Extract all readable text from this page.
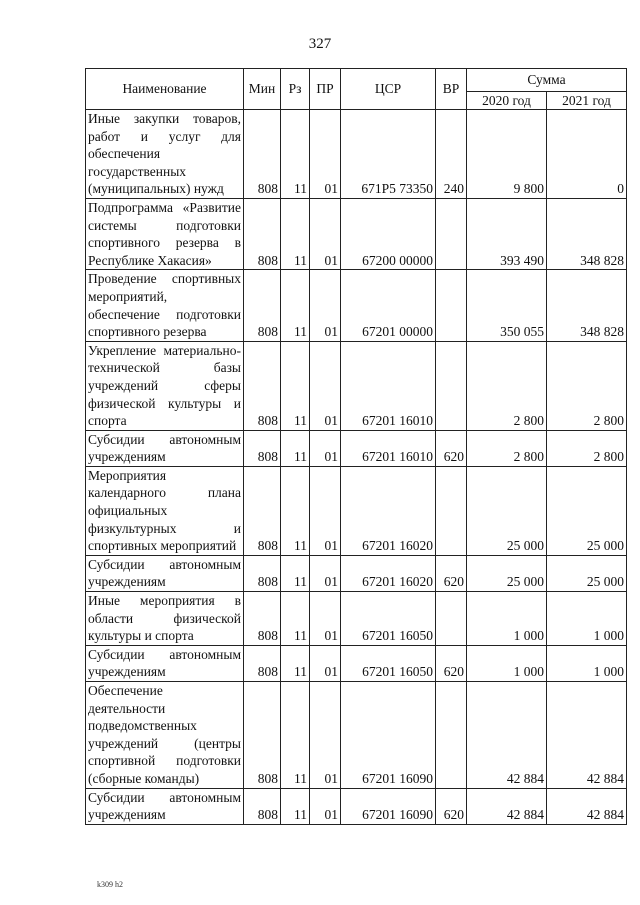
327
Наименование	Мин	Рз	ПР	ЦСР	ВР	Сумма	
						2020 год	2021 год
Иные закупки товаров, работ и услуг для обеспечения государственных (муниципальных) нужд	808	11	01	671P5 73350	240	9 800	0
Подпрограмма «Развитие системы подготовки спортивного резерва в Республике Хакасия»	808	11	01	67200 00000		393 490	348 828
Проведение спортивных мероприятий, обеспечение подготовки спортивного резерва	808	11	01	67201 00000		350 055	348 828
Укрепление материально-технической базы учреждений сферы физической культуры и спорта	808	11	01	67201 16010		2 800	2 800
Субсидии автономным учреждениям	808	11	01	67201 16010	620	2 800	2 800
Мероприятия календарного плана официальных физкультурных и спортивных мероприятий	808	11	01	67201 16020		25 000	25 000
Субсидии автономным учреждениям	808	11	01	67201 16020	620	25 000	25 000
Иные мероприятия в области физической культуры и спорта	808	11	01	67201 16050		1 000	1 000
Субсидии автономным учреждениям	808	11	01	67201 16050	620	1 000	1 000
Обеспечение деятельности подведомственных учреждений (центры спортивной подготовки (сборные команды)	808	11	01	67201 16090		42 884	42 884
Субсидии автономным учреждениям	808	11	01	67201 16090	620	42 884	42 884
k309 h2
